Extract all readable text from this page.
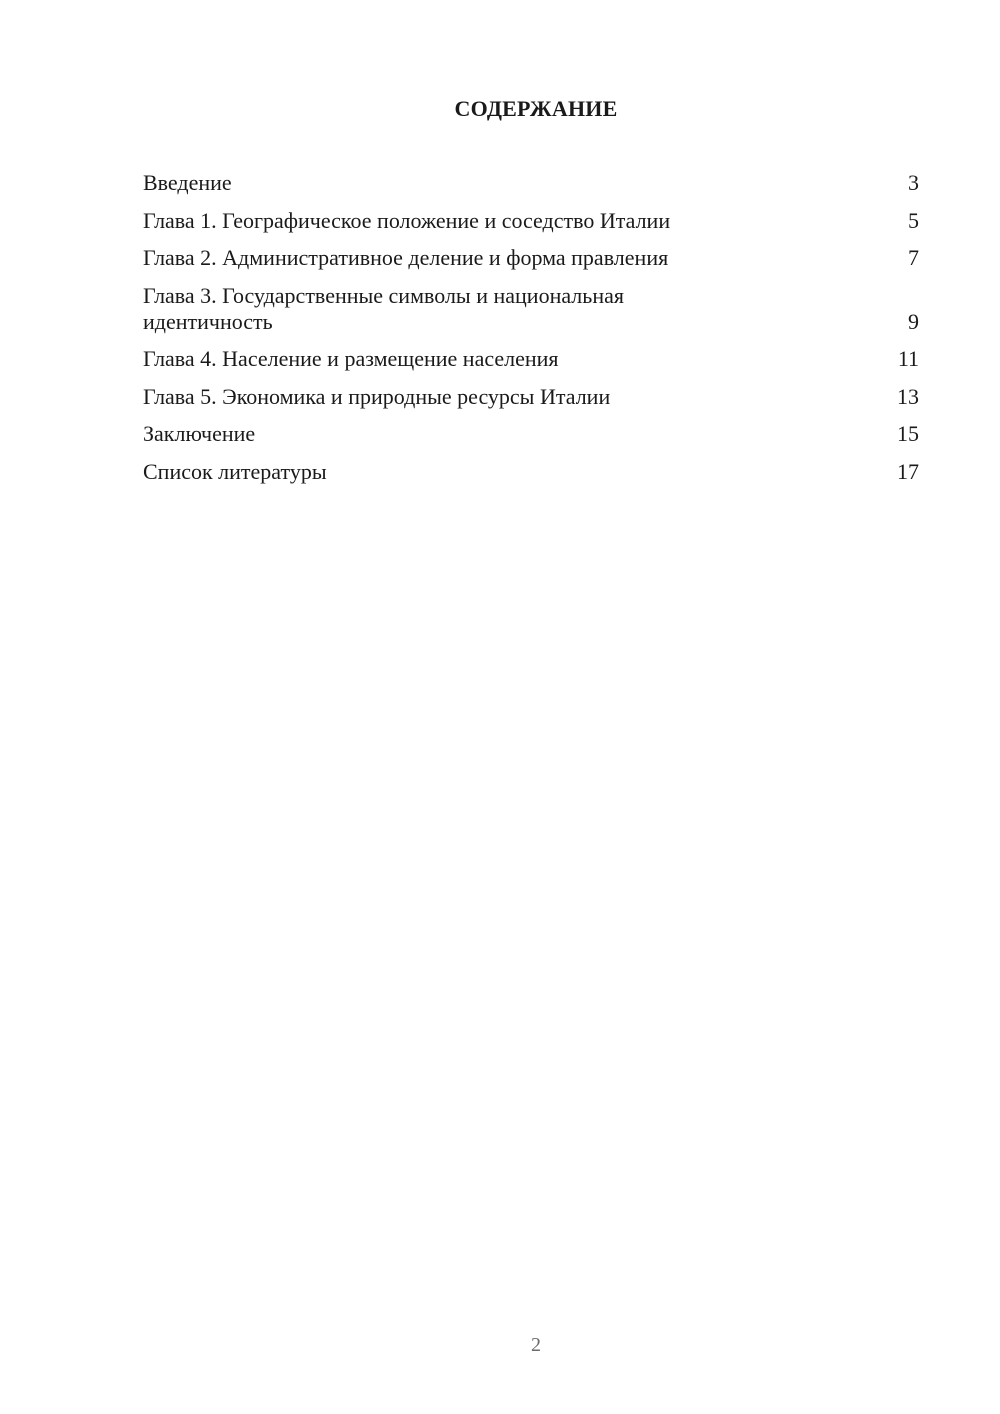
СОДЕРЖАНИЕ
Введение	3
Глава 1. Географическое положение и соседство Италии	5
Глава 2. Административное деление и форма правления	7
Глава 3. Государственные символы и национальная идентичность	9
Глава 4. Население и размещение населения	11
Глава 5. Экономика и природные ресурсы Италии	13
Заключение	15
Список литературы	17
2
